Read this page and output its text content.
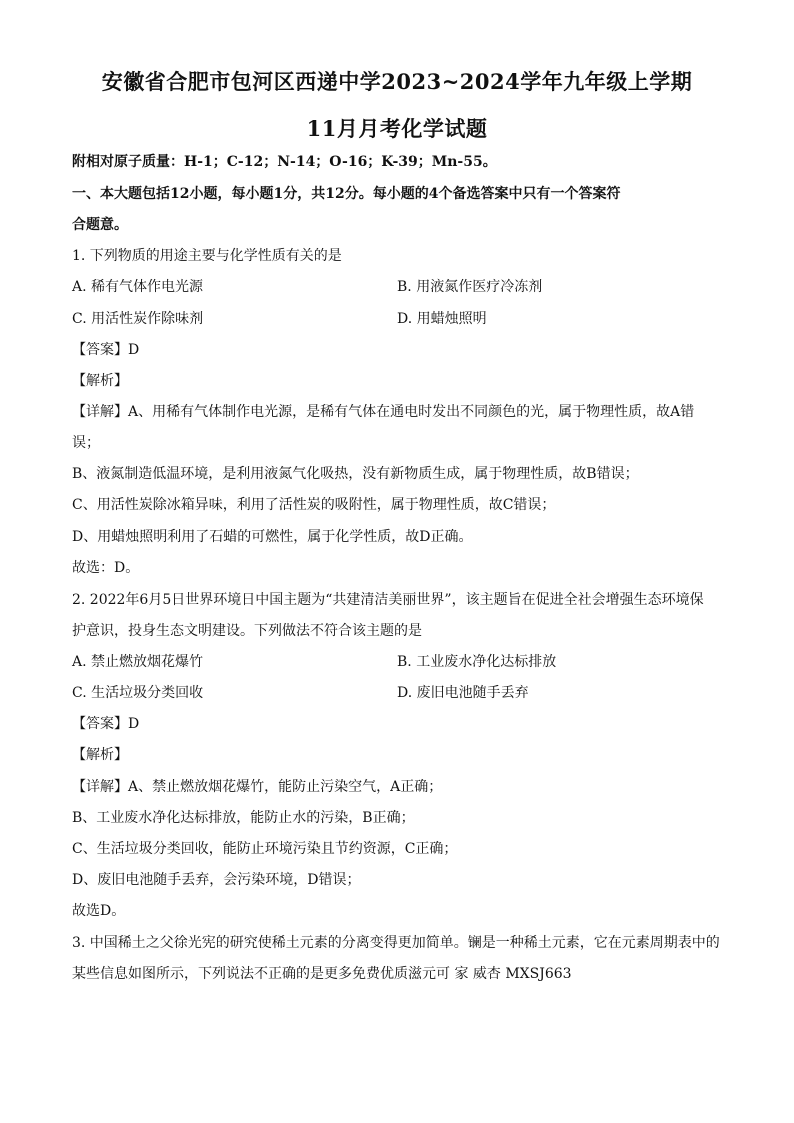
安徽省合肥市包河区西递中学2023~2024学年九年级上学期
11月月考化学试题
附相对原子质量：H-1；C-12；N-14；O-16；K-39；Mn-55。
一、本大题包括12小题，每小题1分，共12分。每小题的4个备选答案中只有一个答案符
合题意。
1. 下列物质的用途主要与化学性质有关的是
A. 稀有气体作电光源	B. 用液氮作医疗冷冻剂
C. 用活性炭作除味剂	D. 用蜡烛照明
【答案】D
【解析】
【详解】A、用稀有气体制作电光源，是稀有气体在通电时发出不同颜色的光，属于物理性质，故A错
误；
B、液氮制造低温环境，是利用液氮气化吸热，没有新物质生成，属于物理性质，故B错误；
C、用活性炭除冰箱异味，利用了活性炭的吸附性，属于物理性质，故C错误；
D、用蜡烛照明利用了石蜡的可燃性，属于化学性质，故D正确。
故选：D。
2. 2022年6月5日世界环境日中国主题为“共建清洁美丽世界”，该主题旨在促进全社会增强生态环境保
护意识，投身生态文明建设。下列做法不符合该主题的是
A. 禁止燃放烟花爆竹	B. 工业废水净化达标排放
C. 生活垃圾分类回收	D. 废旧电池随手丢弃
【答案】D
【解析】
【详解】A、禁止燃放烟花爆竹，能防止污染空气，A正确；
B、工业废水净化达标排放，能防止水的污染，B正确；
C、生活垃圾分类回收，能防止环境污染且节约资源，C正确；
D、废旧电池随手丢弃，会污染环境，D错误；
故选D。
3. 中国稀土之父徐光宪的研究使稀土元素的分离变得更加简单。镧是一种稀土元素，它在元素周期表中的
某些信息如图所示，下列说法不正确的是更多免费优质滋元可 家 威杏 MXSJ663
